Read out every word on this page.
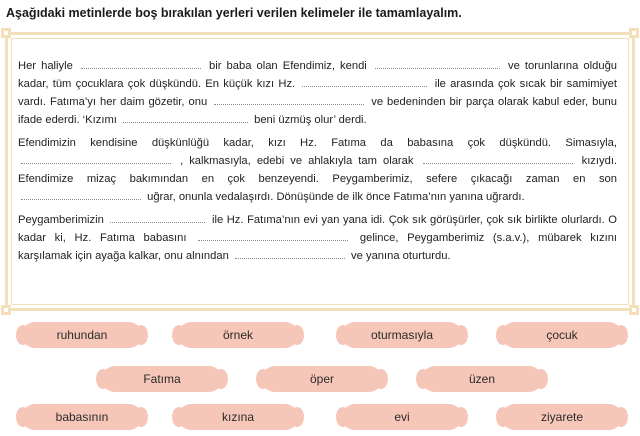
Aşağıdaki metinlerde boş bırakılan yerleri verilen kelimeler ile tamamlayalım.

Her haliyle	bir baba olan Efendimiz, kendi	ve torunlarına olduğu kadar, tüm çocuklara çok düşkündü. En küçük kızı Hz.	ile arasında çok sıcak bir samimiyet vardı. Fatıma’yı her daim gözetir, onu	ve bedeninden bir parça olarak kabul eder, bunu ifade ederdi. ‘Kızımı	beni üzmüş olur’ derdi.

Efendimizin kendisine düşkünlüğü kadar, kızı Hz. Fatıma da babasına çok düşkündü. Simasıyla,  , kalkmasıyla, edebi ve ahlakıyla tam olarak	kızıydı. Efendimize mizaç bakımından en çok benzeyendi. Peygamberimiz, sefere çıkacağı zaman en son  uğrar, onunla vedalaşırdı. Dönüşünde de ilk önce Fatıma’nın yanına uğrardı.

Peygamberimizin	ile Hz. Fatıma’nın evi yan yana idi. Çok sık görüşürler, çok sık birlikte olurlardı. O kadar ki, Hz. Fatıma babasını	gelince, Peygamberimiz (s.a.v.), mübarek kızını karşılamak için ayağa kalkar, onu alnından	ve yanına oturturdu.

ruhundan	örnek	oturmasıyla	çocuk
Fatıma	öper	üzen
babasının	kızına	evi	ziyarete
